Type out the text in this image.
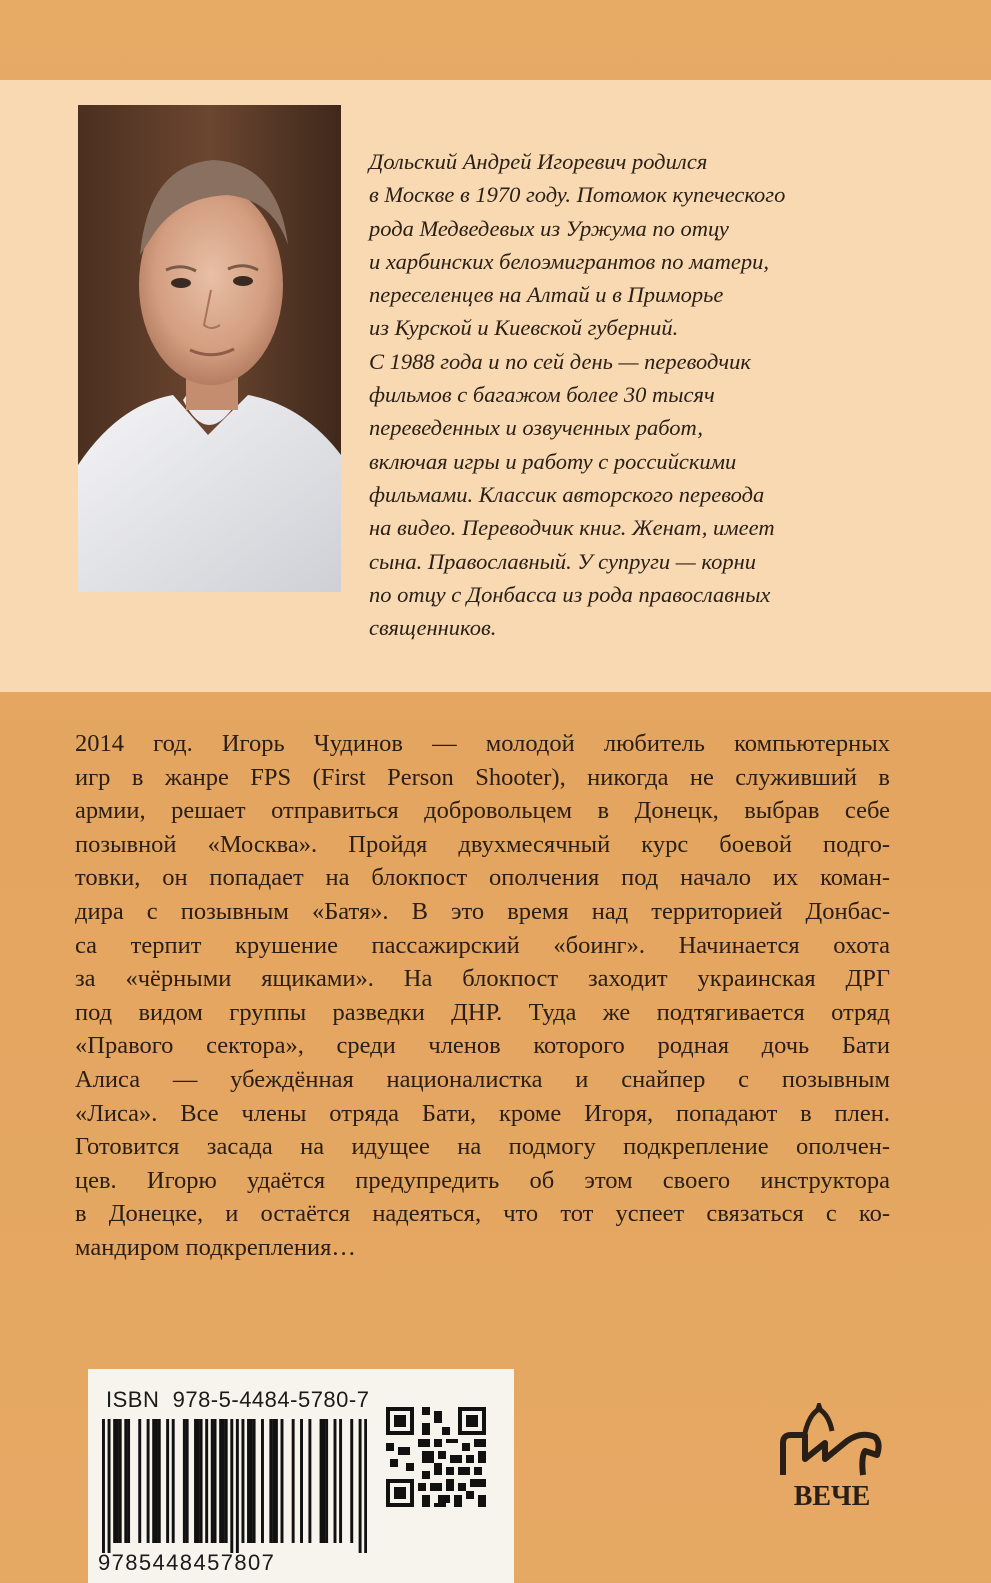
Дольский Андрей Игоревич родился
в Москве в 1970 году. Потомок купеческого
рода Медведевых из Уржума по отцу
и харбинских белоэмигрантов по матери,
переселенцев на Алтай и в Приморье
из Курской и Киевской губерний.
С 1988 года и по сей день — переводчик
фильмов с багажом более 30 тысяч
переведенных и озвученных работ,
включая игры и работу с российскими
фильмами. Классик авторского перевода
на видео. Переводчик книг. Женат, имеет
сына. Православный. У супруги — корни
по отцу с Донбасса из рода православных
священников.

2014 год. Игорь Чудинов — молодой любитель компьютерных
игр в жанре FPS (First Person Shooter), никогда не служивший в
армии, решает отправиться добровольцем в Донецк, выбрав себе
позывной «Москва». Пройдя двухмесячный курс боевой подго-
товки, он попадает на блокпост ополчения под начало их коман-
дира с позывным «Батя». В это время над территорией Донбас-
са терпит крушение пассажирский «боинг». Начинается охота
за «чёрными ящиками». На блокпост заходит украинская ДРГ
под видом группы разведки ДНР. Туда же подтягивается отряд
«Правого сектора», среди членов которого родная дочь Бати
Алиса — убеждённая националистка и снайпер с позывным
«Лиса». Все члены отряда Бати, кроме Игоря, попадают в плен.
Готовится засада на идущее на подмогу подкрепление ополчен-
цев. Игорю удаётся предупредить об этом своего инструктора
в Донецке, и остаётся надеяться, что тот успеет связаться с ко-
мандиром подкрепления…

ISBN 978-5-4484-5780-7
9785448457807
ВЕЧЕ
